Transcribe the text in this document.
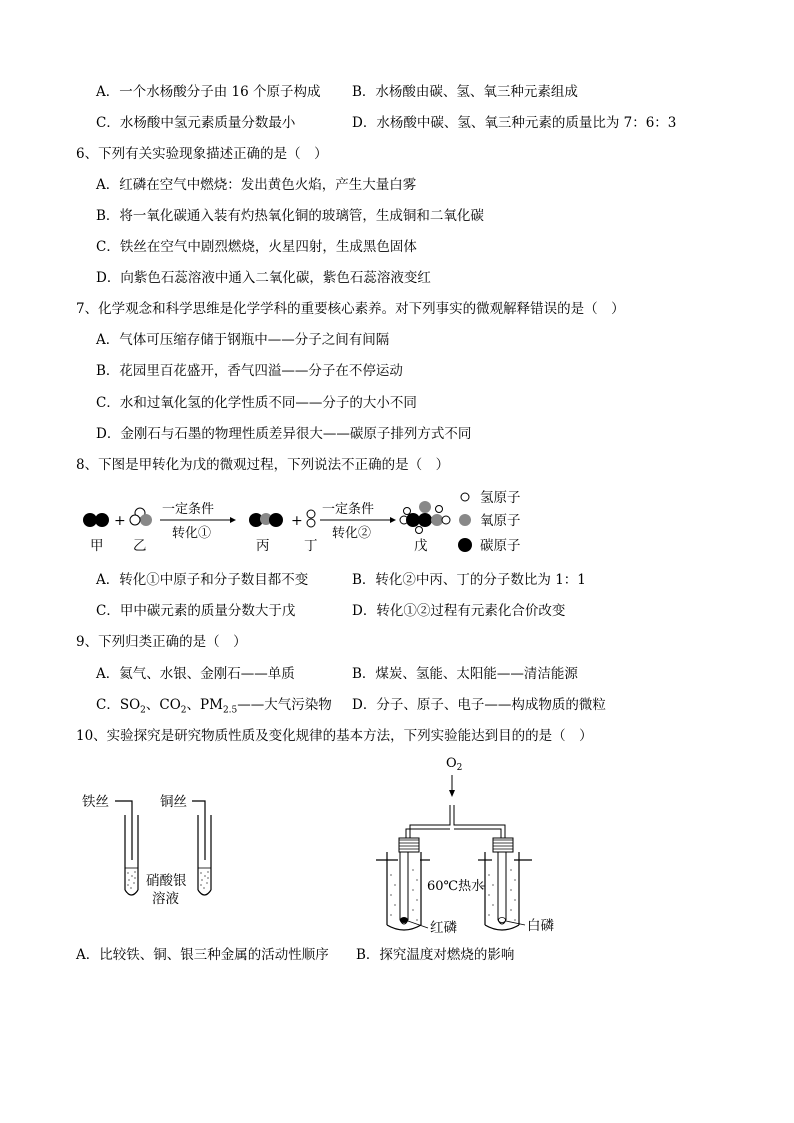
A．一个水杨酸分子由 16 个原子构成 B．水杨酸由碳、氢、氧三种元素组成
C．水杨酸中氢元素质量分数最小	D．水杨酸中碳、氢、氧三种元素的质量比为 7：6：3
6、下列有关实验现象描述正确的是（　）
A．红磷在空气中燃烧：发出黄色火焰，产生大量白雾
B．将一氧化碳通入装有灼热氧化铜的玻璃管，生成铜和二氧化碳
C．铁丝在空气中剧烈燃烧，火星四射，生成黑色固体
D．向紫色石蕊溶液中通入二氧化碳，紫色石蕊溶液变红
7、化学观念和科学思维是化学学科的重要核心素养。对下列事实的微观解释错误的是（　）
A．气体可压缩存储于钢瓶中——分子之间有间隔
B．花园里百花盛开，香气四溢——分子在不停运动
C．水和过氧化氢的化学性质不同——分子的大小不同
D．金刚石与石墨的物理性质差异很大——碳原子排列方式不同
8、下图是甲转化为戊的微观过程，下列说法不正确的是（　）
+
一定条件
转化①
+
一定条件
转化②
氢原子
氧原子
碳原子
甲 乙	丙	丁	戊
A．转化①中原子和分子数目都不变	B．转化②中丙、丁的分子数比为 1：1
C．甲中碳元素的质量分数大于戊	D．转化①②过程有元素化合价改变
9、下列归类正确的是（　）
A．氦气、水银、金刚石——单质	B．煤炭、氢能、太阳能——清洁能源
C．$SO_2$、$CO_2$、$PM_{2.5}——$大气污染物 D．分子、原子、电子——构成物质的微粒
10、实验探究是研究物质性质及变化规律的基本方法，下列实验能达到目的的是（　）
铁丝	铜丝
硝酸银
溶液
$O_2$
60℃热水
红磷	白磷
A．比较铁、铜、银三种金属的活动性顺序 B．探究温度对燃烧的影响
